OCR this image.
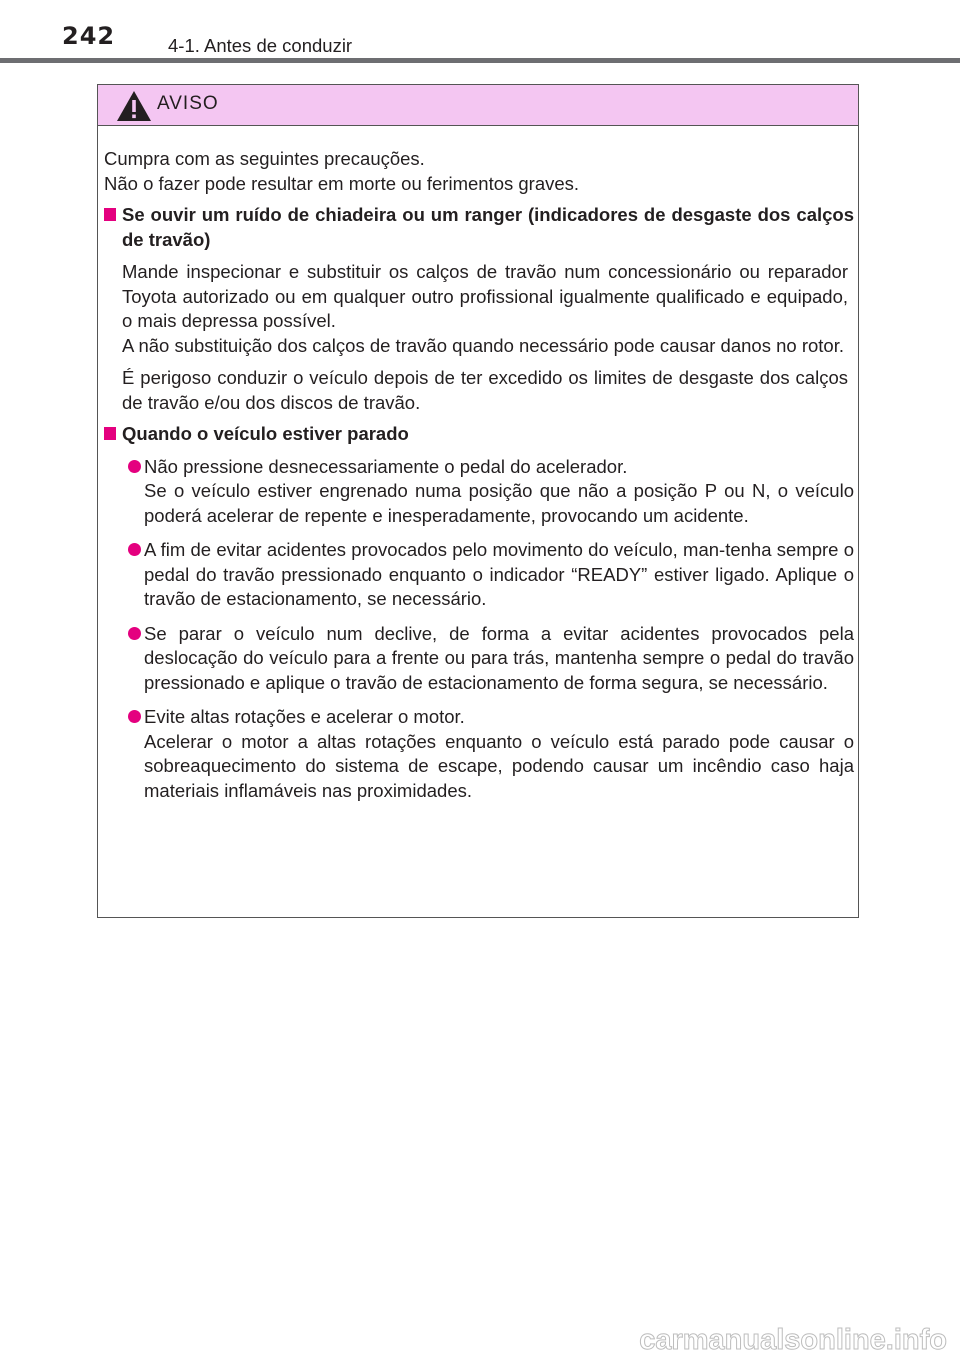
242	4-1. Antes de conduzir
AVISO

Cumpra com as seguintes precauções.

Não o fazer pode resultar em morte ou ferimentos graves.

Se ouvir um ruído de chiadeira ou um ranger (indicadores de desgaste dos calços de travão)
Mande inspecionar e substituir os calços de travão num concessionário ou reparador Toyota autorizado ou em qualquer outro profissional igualmente qualificado e equipado, o mais depressa possível.
A não substituição dos calços de travão quando necessário pode causar danos no rotor.
É perigoso conduzir o veículo depois de ter excedido os limites de desgaste dos calços de travão e/ou dos discos de travão.
Quando o veículo estiver parado
Não pressione desnecessariamente o pedal do acelerador.
Se o veículo estiver engrenado numa posição que não a posição P ou N, o veículo poderá acelerar de repente e inesperadamente, provocando um acidente.
A fim de evitar acidentes provocados pelo movimento do veículo, man-tenha sempre o pedal do travão pressionado enquanto o indicador “READY” estiver ligado. Aplique o travão de estacionamento, se necessário.
Se parar o veículo num declive, de forma a evitar acidentes provocados pela deslocação do veículo para a frente ou para trás, mantenha sempre o pedal do travão pressionado e aplique o travão de estacionamento de forma segura, se necessário.
Evite altas rotações e acelerar o motor.
Acelerar o motor a altas rotações enquanto o veículo está parado pode causar o sobreaquecimento do sistema de escape, podendo causar um incêndio caso haja materiais inflamáveis nas proximidades.
carmanualsonline.info
